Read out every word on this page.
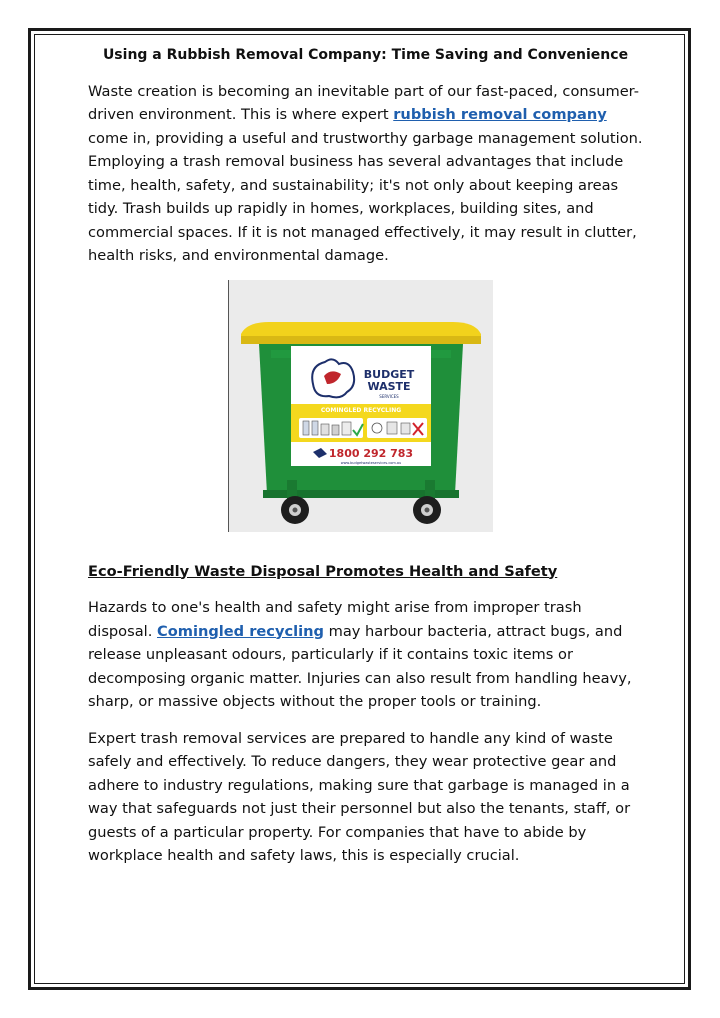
Using a Rubbish Removal Company: Time Saving and Convenience

Waste creation is becoming an inevitable part of our fast-paced, consumer-driven environment. This is where expert rubbish removal company come in, providing a useful and trustworthy garbage management solution. Employing a trash removal business has several advantages that include time, health, safety, and sustainability; it's not only about keeping areas tidy. Trash builds up rapidly in homes, workplaces, building sites, and commercial spaces. If it is not managed effectively, it may result in clutter, health risks, and environmental damage.

Eco-Friendly Waste Disposal Promotes Health and Safety

Hazards to one's health and safety might arise from improper trash disposal. Comingled recycling may harbour bacteria, attract bugs, and release unpleasant odours, particularly if it contains toxic items or decomposing organic matter. Injuries can also result from handling heavy, sharp, or massive objects without the proper tools or training.

Expert trash removal services are prepared to handle any kind of waste safely and effectively. To reduce dangers, they wear protective gear and adhere to industry regulations, making sure that garbage is managed in a way that safeguards not just their personnel but also the tenants, staff, or guests of a particular property. For companies that have to abide by workplace health and safety laws, this is especially crucial.

BUDGET
WASTE
SERVICES
COMINGLED RECYCLING
1800 292 783
www.budgetwasteservices.com.au
